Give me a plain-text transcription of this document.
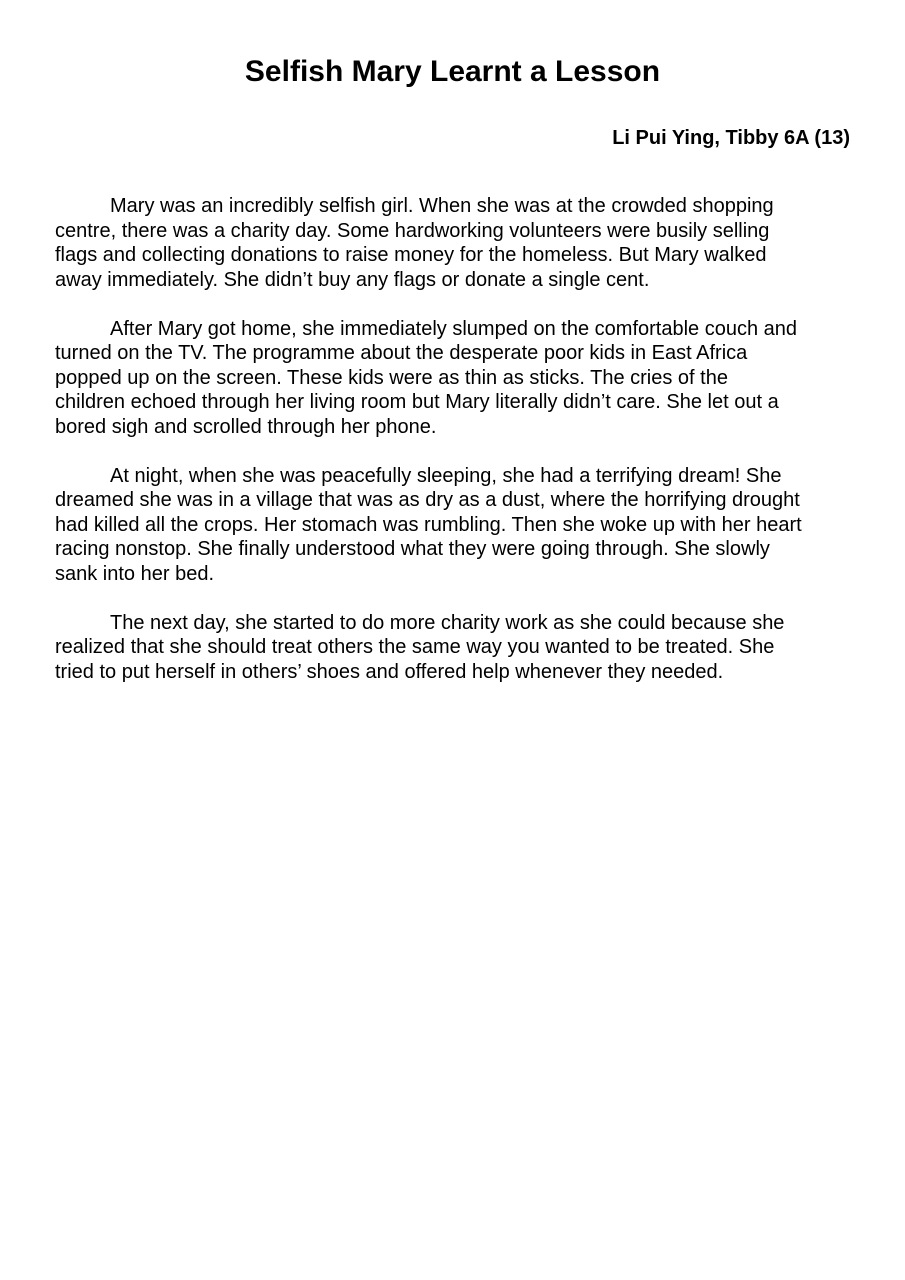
Selfish Mary Learnt a Lesson

Li Pui Ying, Tibby 6A (13)

Mary was an incredibly selfish girl. When she was at the crowded shopping
centre, there was a charity day. Some hardworking volunteers were busily selling
flags and collecting donations to raise money for the homeless. But Mary walked
away immediately. She didn’t buy any flags or donate a single cent.

After Mary got home, she immediately slumped on the comfortable couch and
turned on the TV. The programme about the desperate poor kids in East Africa
popped up on the screen. These kids were as thin as sticks. The cries of the
children echoed through her living room but Mary literally didn’t care. She let out a
bored sigh and scrolled through her phone.

At night, when she was peacefully sleeping, she had a terrifying dream! She
dreamed she was in a village that was as dry as a dust, where the horrifying drought
had killed all the crops. Her stomach was rumbling. Then she woke up with her heart
racing nonstop. She finally understood what they were going through. She slowly
sank into her bed.

The next day, she started to do more charity work as she could because she
realized that she should treat others the same way you wanted to be treated. She
tried to put herself in others’ shoes and offered help whenever they needed.
